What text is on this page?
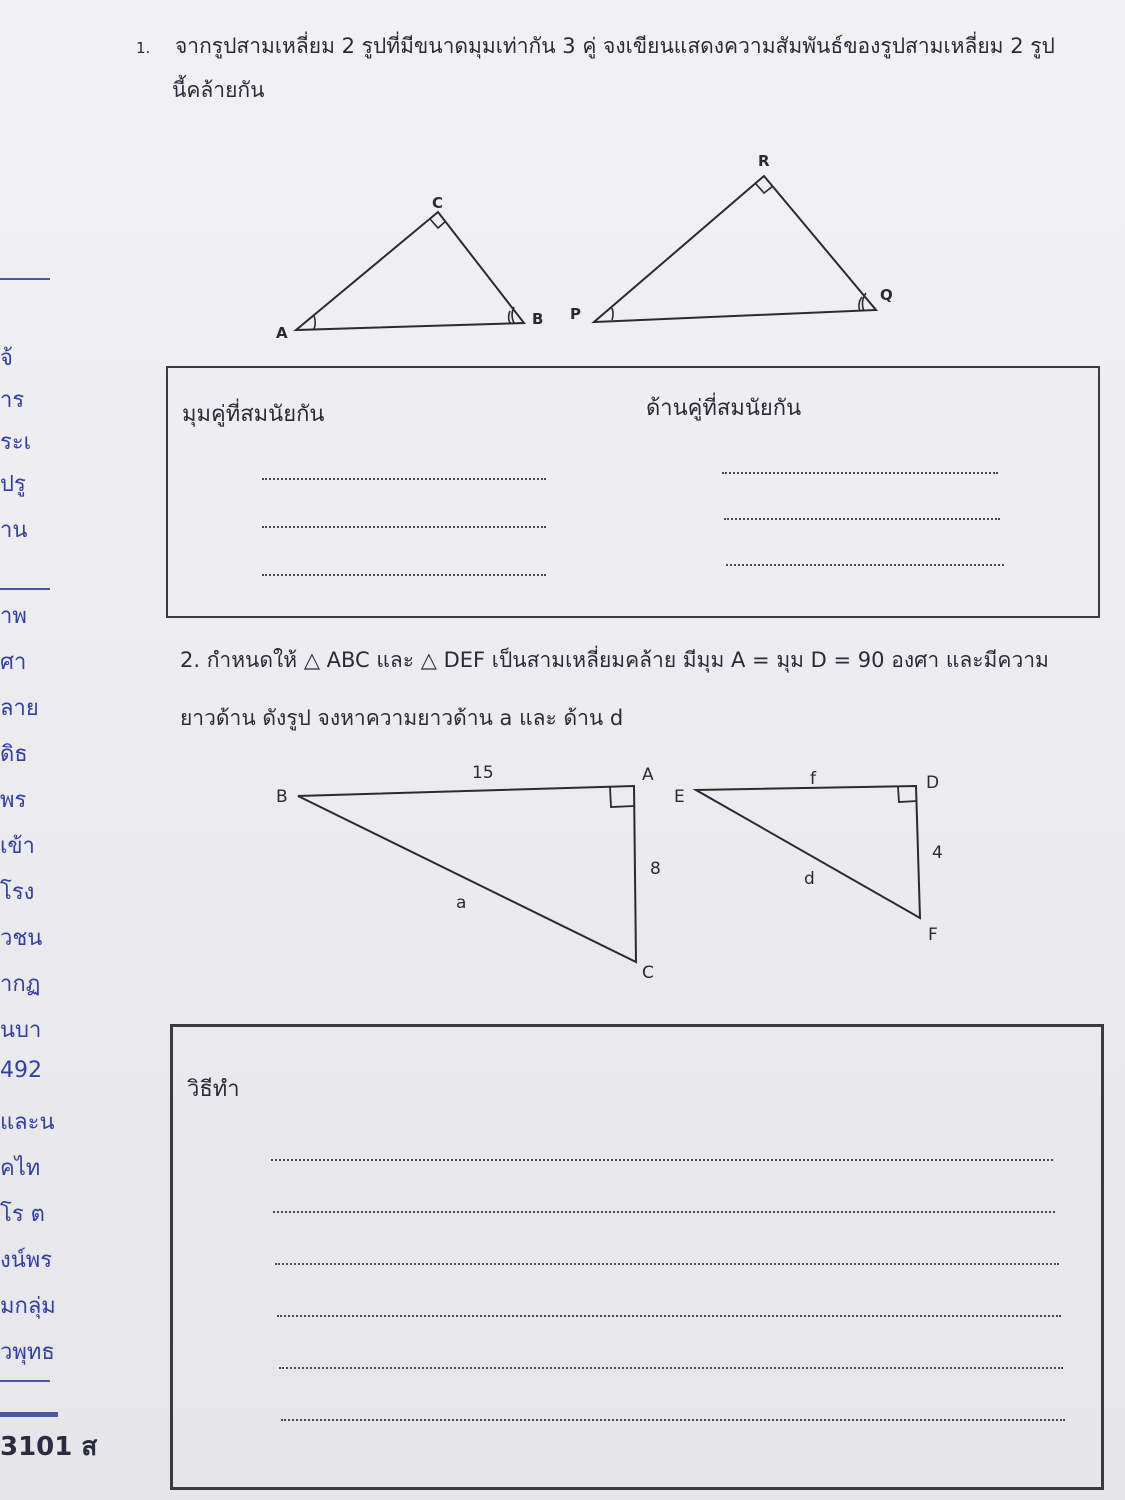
จ้
าร
ระเ
ปรู
าน
าพ
ศา
ลาย
ดิธ
พร
เข้า
โรง
วชน
ากฏ
นบา
492
และน
คไท
โร ต
งน์พร
มกลุ่ม
วพุทธ
3101 ส
1. จากรูปสามเหลี่ยม 2 รูปที่มีขนาดมุมเท่ากัน 3 คู่ จงเขียนแสดงความสัมพันธ์ของรูปสามเหลี่ยม 2 รูป
นี้คล้ายกัน
A
C
B P
R
Q
มุมคู่ที่สมนัยกัน	ด้านคู่ที่สมนัยกัน
2. กำหนดให้ △ ABC และ △ DEF เป็นสามเหลี่ยมคล้าย มีมุม A = มุม D = 90 องศา และมีความ
ยาวด้าน ดังรูป จงหาความยาวด้าน a และ ด้าน d
B
A
C
15
8
a
E
D
F
f
4
d
วิธีทำ
